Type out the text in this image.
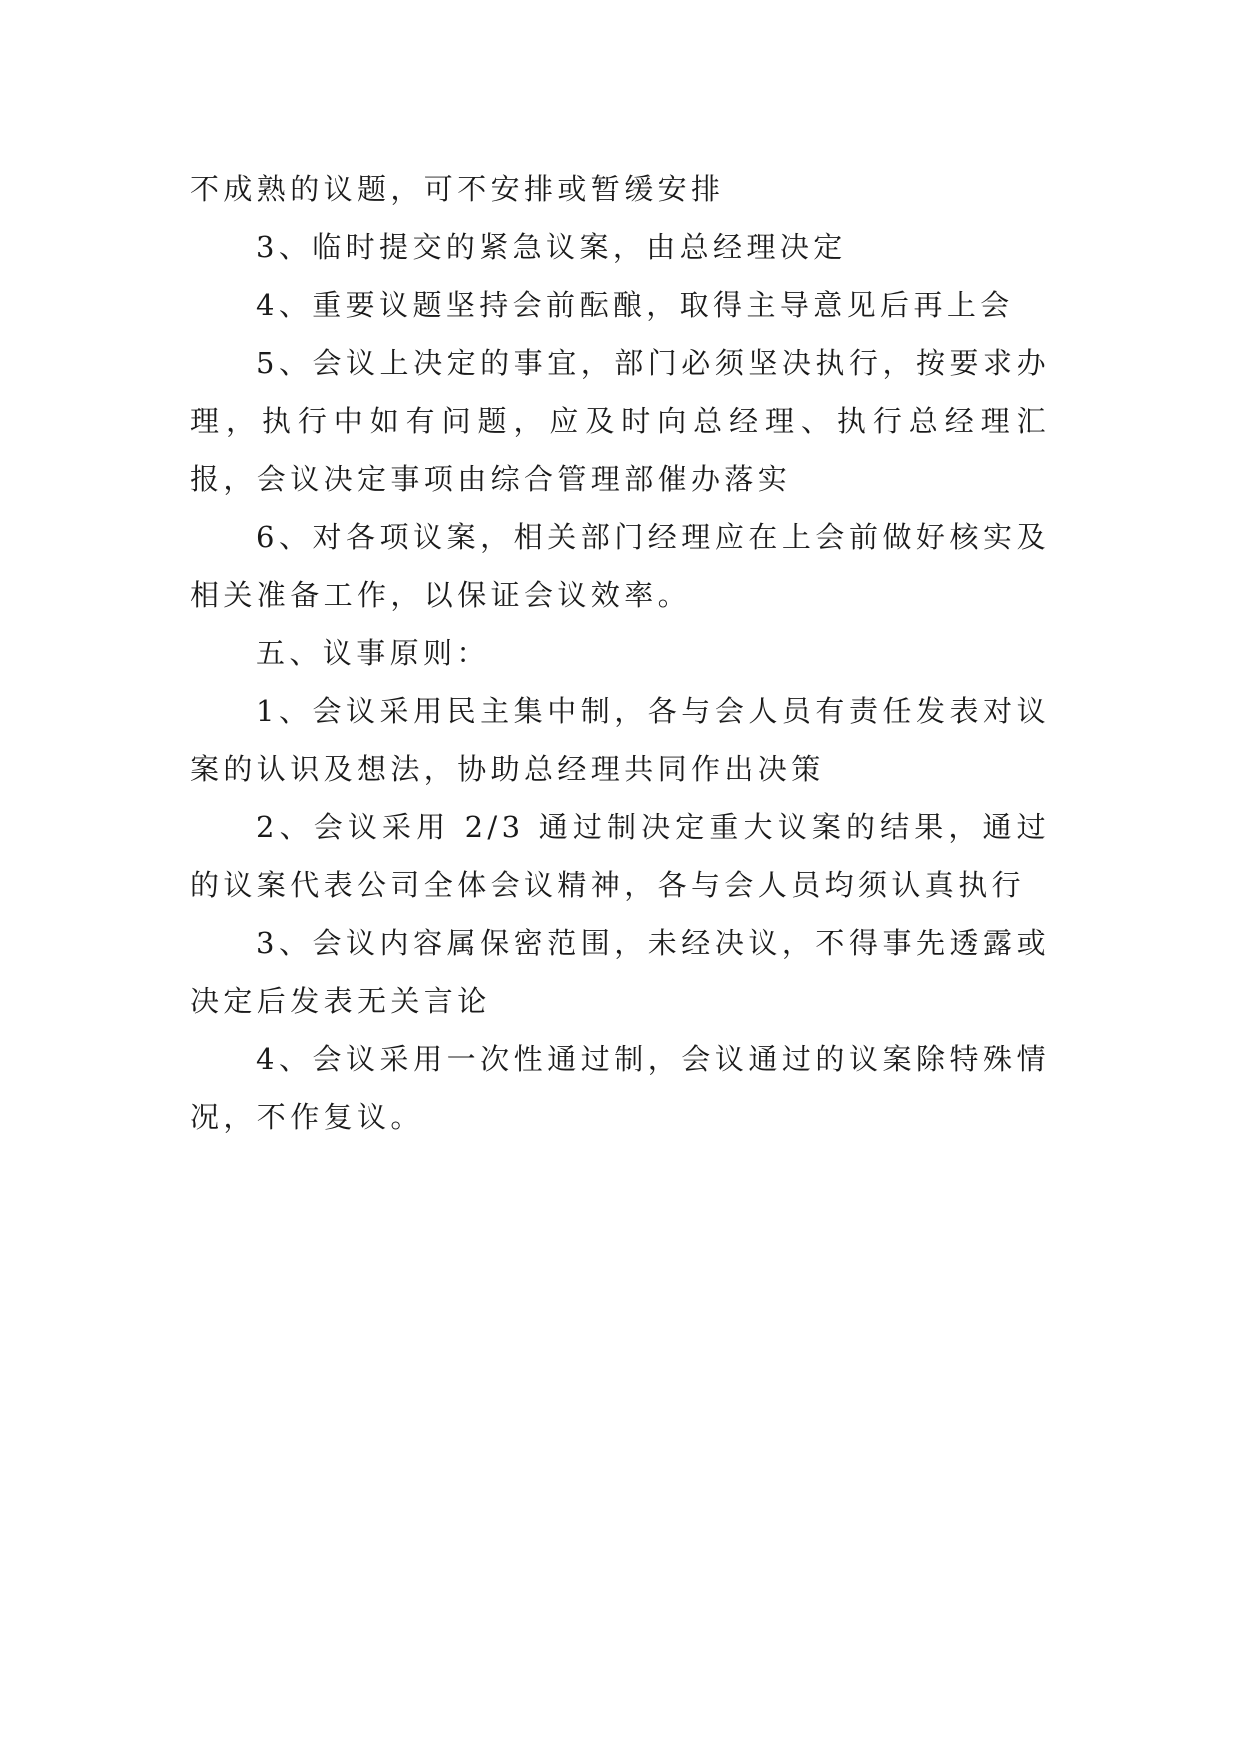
不成熟的议题，可不安排或暂缓安排

3、临时提交的紧急议案，由总经理决定

4、重要议题坚持会前酝酿，取得主导意见后再上会

5、会议上决定的事宜，部门必须坚决执行，按要求办理，执行中如有问题，应及时向总经理、执行总经理汇报，会议决定事项由综合管理部催办落实

6、对各项议案，相关部门经理应在上会前做好核实及相关准备工作，以保证会议效率。

五、议事原则：

1、会议采用民主集中制，各与会人员有责任发表对议案的认识及想法，协助总经理共同作出决策

2、会议采用 2/3 通过制决定重大议案的结果，通过的议案代表公司全体会议精神，各与会人员均须认真执行

3、会议内容属保密范围，未经决议，不得事先透露或决定后发表无关言论

4、会议采用一次性通过制，会议通过的议案除特殊情况，不作复议。
